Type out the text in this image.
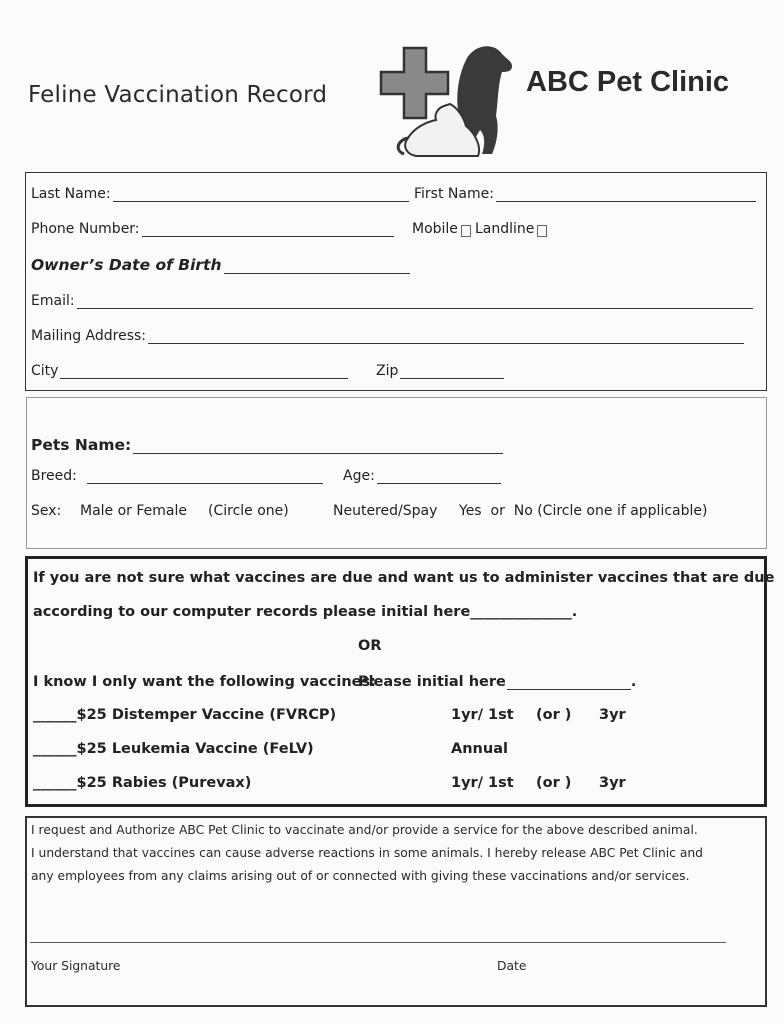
Feline Vaccination Record	ABC Pet Clinic
Last Name:	First Name:
Phone Number:	Mobile Landline
Owner’s Date of Birth
Email:
Mailing Address:
City	Zip
Pets Name:
Breed:	Age:
Sex: Male or Female (Circle one)	Neutered/Spay Yes  or  No (Circle one if applicable)
If you are not sure what vaccines are due and want us to administer vaccines that are due
according to our computer records please initial here______________.
OR
I know I only want the following vaccines:
Please initial here	.
______$25 Distemper Vaccine (FVRCP)	1yr/ 1st (or ) 3yr
______$25 Leukemia Vaccine (FeLV)	Annual
______$25 Rabies (Purevax)	1yr/ 1st (or ) 3yr
I request and Authorize ABC Pet Clinic to vaccinate and/or provide a service for the above described animal.
I understand that vaccines can cause adverse reactions in some animals. I hereby release ABC Pet Clinic and
any employees from any claims arising out of or connected with giving these vaccinations and/or services.
Your Signature	Date
